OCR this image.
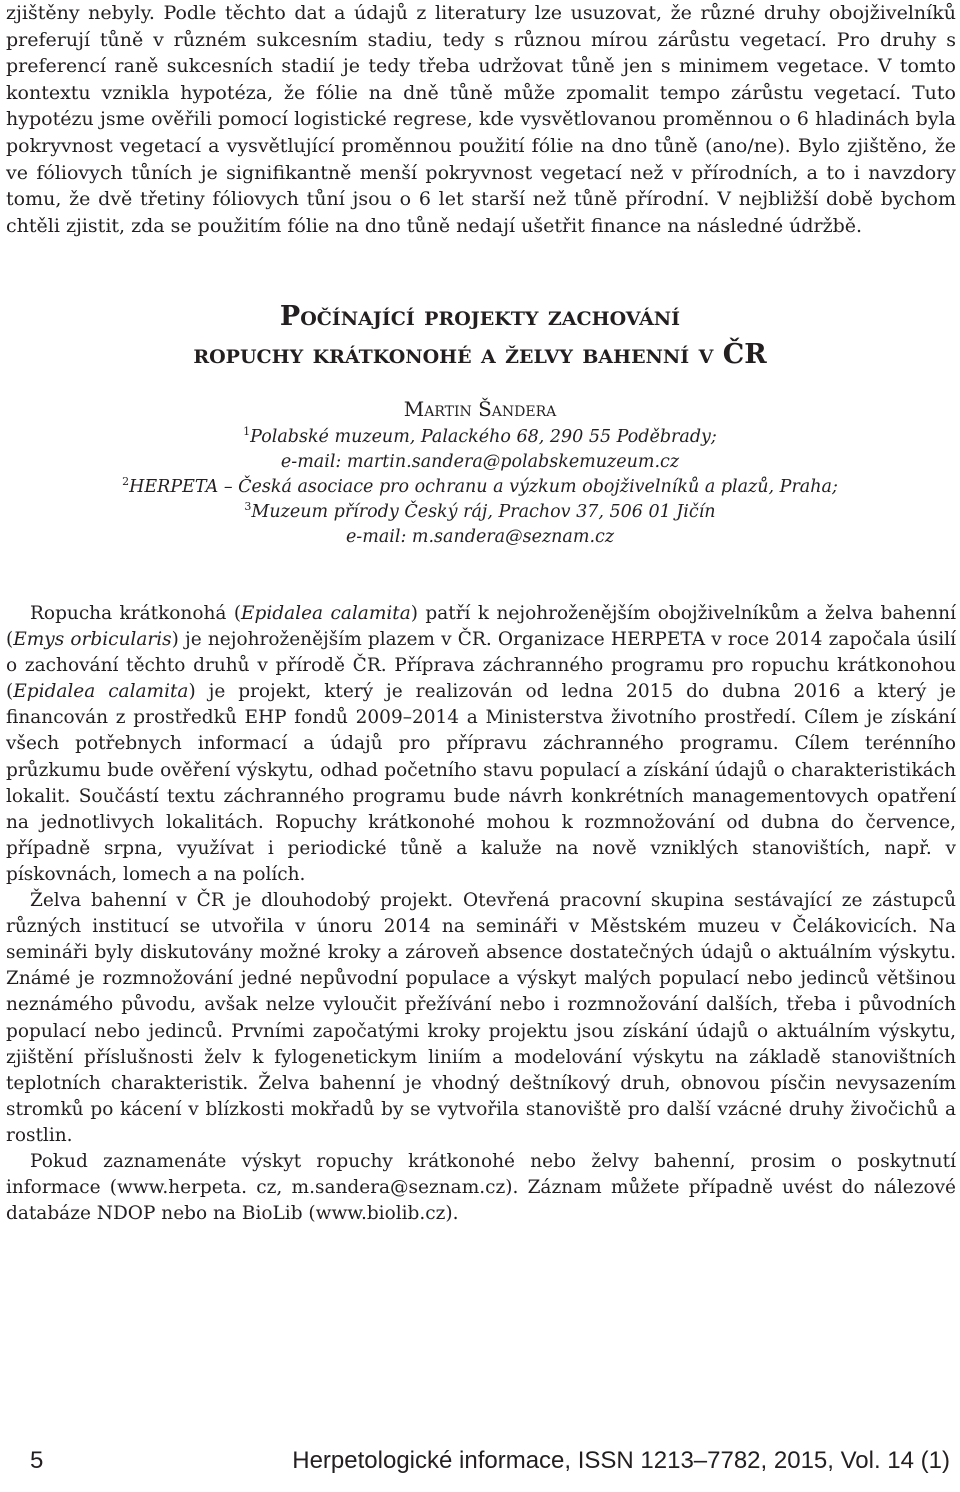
zjištěny nebyly. Podle těchto dat a údajů z literatury lze usuzovat, že různé druhy obojživelníků preferují tůně v různém sukcesním stadiu, tedy s různou mírou zárůstu vegetací. Pro druhy s preferencí raně sukcesních stadií je tedy třeba udržovat tůně jen s minimem vegetace. V tomto kontextu vznikla hypotéza, že fólie na dně tůně může zpomalit tempo zárůstu vegetací. Tuto hypotézu jsme ověřili pomocí logistické regrese, kde vysvětlovanou proměnnou o 6 hladinách byla pokryvnost vegetací a vysvětlující proměnnou použití fólie na dno tůně (ano/ne). Bylo zjištěno, že ve fóliovych tůních je signifikantně menší pokryvnost vegetací než v přírodních, a to i navzdory tomu, že dvě třetiny fóliovych tůní jsou o 6 let starší než tůně přírodní. V nejbližší době bychom chtěli zjistit, zda se použitím fólie na dno tůně nedají ušetřit finance na následné údržbě.

Počínající projekty zachování
ropuchy krátkonohé a želvy bahenní v ČR

Martin Šandera

$^1$Polabské muzeum, Palackého 68, 290 55 Poděbrady;

e-mail: martin.sandera@polabskemuzeum.cz

$^2$HERPETA – Česká asociace pro ochranu a výzkum obojživelníků a plazů, Praha;

$^3$Muzeum přírody Český ráj, Prachov 37, 506 01 Jičín

e-mail: m.sandera@seznam.cz

Ropucha krátkonohá (Epidalea calamita) patří k nejohroženějším obojživelníkům a želva bahenní (Emys orbicularis) je nejohroženějším plazem v ČR. Organizace HERPETA v roce 2014 započala úsilí o zachování těchto druhů v přírodě ČR. Příprava záchranného programu pro ropuchu krátkonohou (Epidalea calamita) je projekt, který je realizován od ledna 2015 do dubna 2016 a který je financován z prostředků EHP fondů 2009–2014 a Ministerstva životního prostředí. Cílem je získání všech potřebnych informací a údajů pro přípravu záchranného programu. Cílem terénního průzkumu bude ověření výskytu, odhad početního stavu populací a získání údajů o charakteristikách lokalit. Součástí textu záchranného programu bude návrh konkrétních managementovych opatření na jednotlivych lokalitách. Ropuchy krátkonohé mohou k rozmnožování od dubna do července, případně srpna, využívat i periodické tůně a kaluže na nově vzniklých stanovištích, např. v pískovnách, lomech a na polích.

Želva bahenní v ČR je dlouhodobý projekt. Otevřená pracovní skupina sestávající ze zástupců různých institucí se utvořila v únoru 2014 na semináři v Městském muzeu v Čelákovicích. Na semináři byly diskutovány možné kroky a zároveň absence dostatečných údajů o aktuálním výskytu. Známé je rozmnožování jedné nepůvodní populace a výskyt malých populací nebo jedinců většinou neznámého původu, avšak nelze vyloučit přežívání nebo i rozmnožování dalších, třeba i původních populací nebo jedinců. Prvními započatými kroky projektu jsou získání údajů o aktuálním výskytu, zjištění příslušnosti želv k fylogenetickym liniím a modelování výskytu na základě stanovištních teplotních charakteristik. Želva bahenní je vhodný deštníkový druh, obnovou písčin nevysazením stromků po kácení v blízkosti mokřadů by se vytvořila stanoviště pro další vzácné druhy živočichů a rostlin.

Pokud zaznamenáte výskyt ropuchy krátkonohé nebo želvy bahenní, prosim o poskytnutí informace (www.herpeta. cz, m.sandera@seznam.cz). Záznam můžete případně uvést do nálezové databáze NDOP nebo na BioLib (www.biolib.cz).

5	Herpetologické informace, ISSN 1213–7782, 2015, Vol. 14 (1)
